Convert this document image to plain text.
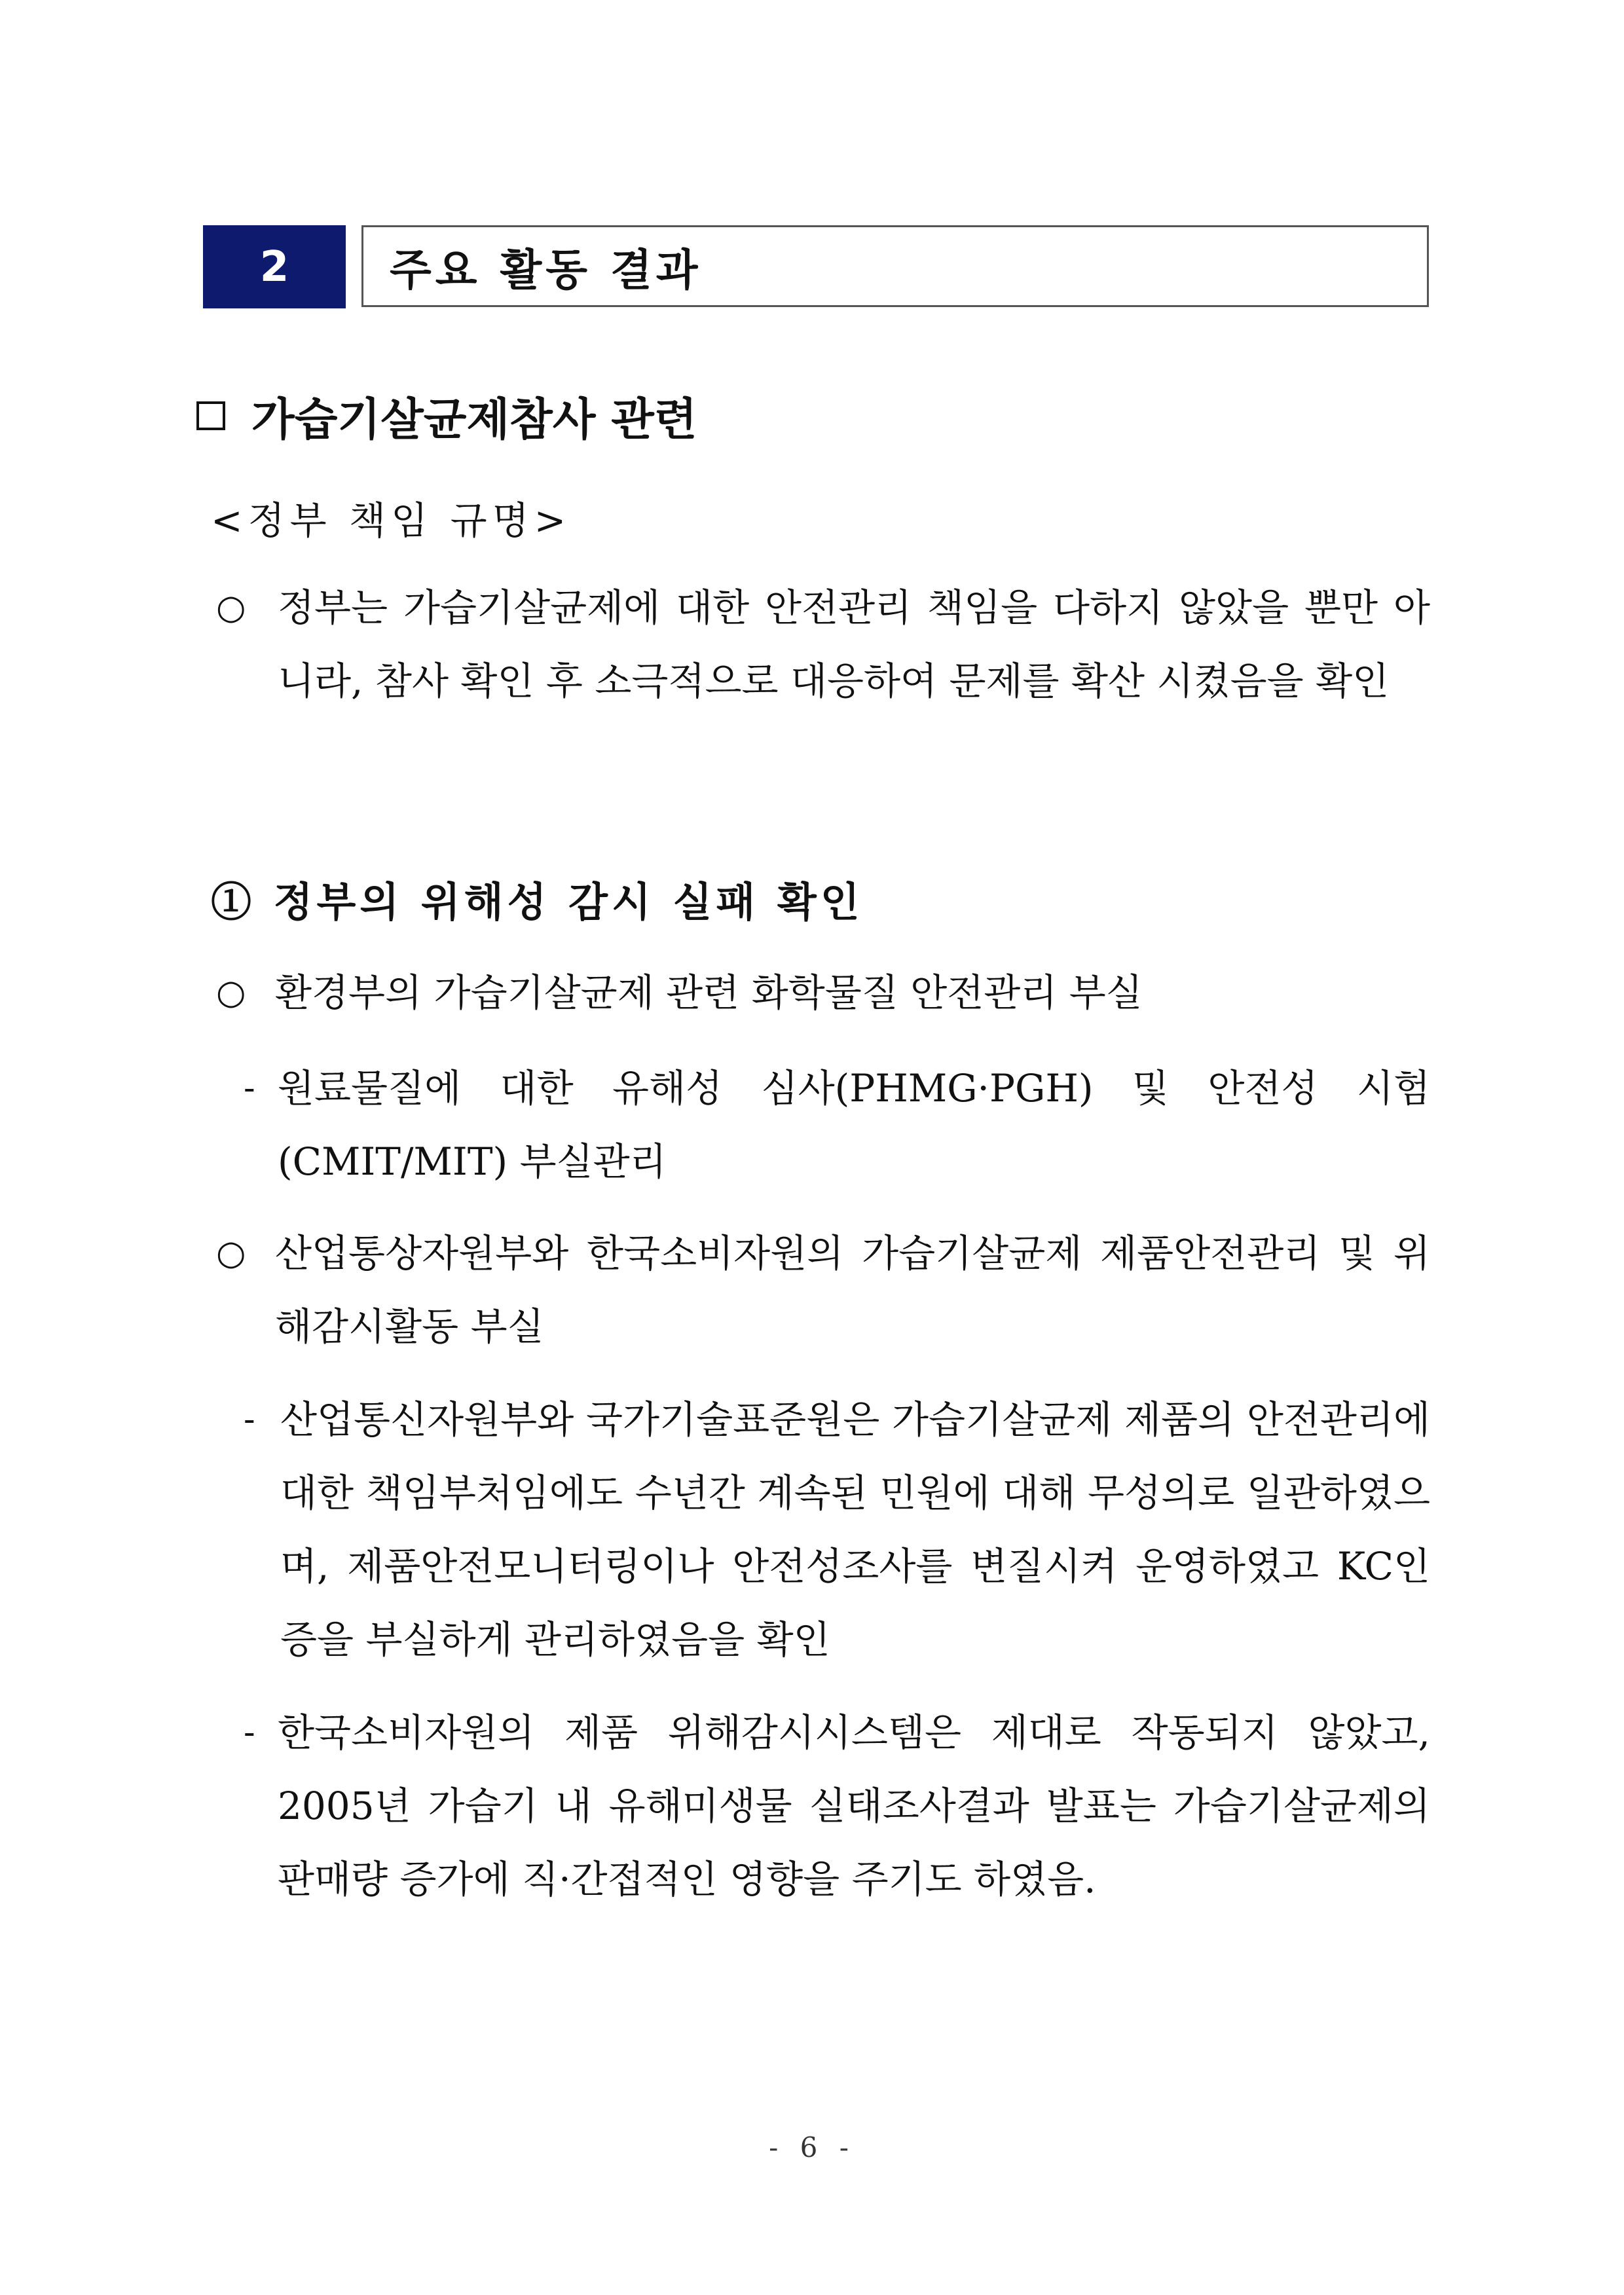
2	주요 활동 결과
가습기살균제참사 관련
<정부 책임 규명>
○ 정부는 가습기살균제에 대한 안전관리 책임을 다하지 않았을 뿐만 아니라, 참사 확인 후 소극적으로 대응하여 문제를 확산 시켰음을 확인
① 정부의 위해성 감시 실패 확인
○ 환경부의 가습기살균제 관련 화학물질 안전관리 부실
- 원료물질에 대한 유해성 심사(PHMG·PGH) 및 안전성 시험 (CMIT/MIT) 부실관리
○ 산업통상자원부와 한국소비자원의 가습기살균제 제품안전관리 및 위해감시활동 부실
- 산업통신자원부와 국가기술표준원은 가습기살균제 제품의 안전관리에 대한 책임부처임에도 수년간 계속된 민원에 대해 무성의로 일관하였으며, 제품안전모니터링이나 안전성조사를 변질시켜 운영하였고 KC인증을 부실하게 관리하였음을 확인
- 한국소비자원의 제품 위해감시시스템은 제대로 작동되지 않았고, 2005년 가습기 내 유해미생물 실태조사결과 발표는 가습기살균제의 판매량 증가에 직·간접적인 영향을 주기도 하였음.
- 6 -
